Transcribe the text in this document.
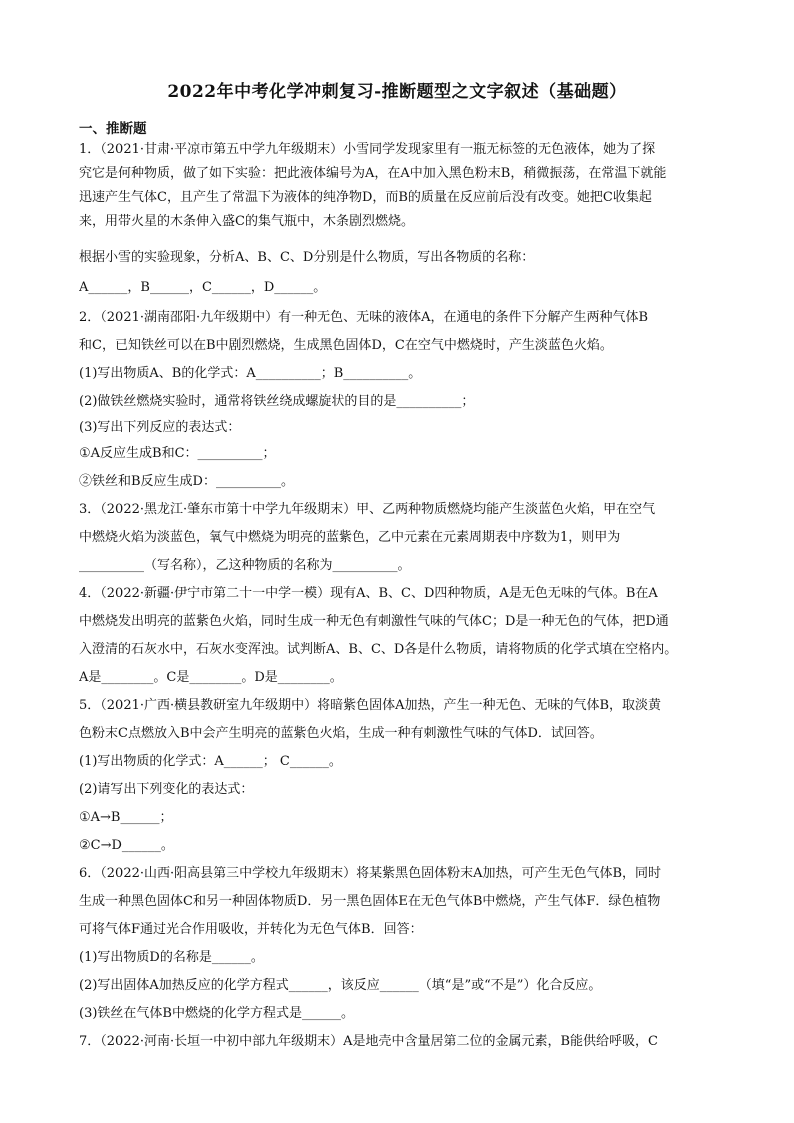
2022年中考化学冲刺复习-推断题型之文字叙述（基础题）
一、推断题
1．（2021·甘肃·平凉市第五中学九年级期末）小雪同学发现家里有一瓶无标签的无色液体，她为了探
究它是何种物质，做了如下实验：把此液体编号为A，在A中加入黑色粉末B，稍微振荡，在常温下就能
迅速产生气体C，且产生了常温下为液体的纯净物D，而B的质量在反应前后没有改变。她把C收集起
来，用带火星的木条伸入盛C的集气瓶中，木条剧烈燃烧。
根据小雪的实验现象，分析A、B、C、D分别是什么物质，写出各物质的名称：
A______，B______，C______，D______。
2．（2021·湖南邵阳·九年级期中）有一种无色、无味的液体A，在通电的条件下分解产生两种气体B
和C，已知铁丝可以在B中剧烈燃烧，生成黑色固体D，C在空气中燃烧时，产生淡蓝色火焰。
(1)写出物质A、B的化学式：A__________；B__________。
(2)做铁丝燃烧实验时，通常将铁丝绕成螺旋状的目的是__________；
(3)写出下列反应的表达式：
①A反应生成B和C：__________；
②铁丝和B反应生成D：__________。
3．（2022·黑龙江·肇东市第十中学九年级期末）甲、乙两种物质燃烧均能产生淡蓝色火焰，甲在空气
中燃烧火焰为淡蓝色，氧气中燃烧为明亮的蓝紫色，乙中元素在元素周期表中序数为1，则甲为
__________（写名称），乙这种物质的名称为__________。
4．（2022·新疆·伊宁市第二十一中学一模）现有A、B、C、D四种物质，A是无色无味的气体。B在A
中燃烧发出明亮的蓝紫色火焰，同时生成一种无色有刺激性气味的气体C；D是一种无色的气体，把D通
入澄清的石灰水中，石灰水变浑浊。试判断A、B、C、D各是什么物质，请将物质的化学式填在空格内。
A是________。C是________。D是________。
5．（2021·广西·横县教研室九年级期中）将暗紫色固体A加热，产生一种无色、无味的气体B，取淡黄
色粉末C点燃放入B中会产生明亮的蓝紫色火焰，生成一种有刺激性气味的气体D．试回答。
(1)写出物质的化学式：A______； C______。
(2)请写出下列变化的表达式：
①A→B______；
②C→D______。
6．（2022·山西·阳高县第三中学校九年级期末）将某紫黑色固体粉末A加热，可产生无色气体B，同时
生成一种黑色固体C和另一种固体物质D．另一黑色固体E在无色气体B中燃烧，产生气体F．绿色植物
可将气体F通过光合作用吸收，并转化为无色气体B．回答：
(1)写出物质D的名称是______。
(2)写出固体A加热反应的化学方程式______，该反应______（填“是”或“不是”）化合反应。
(3)铁丝在气体B中燃烧的化学方程式是______。
7．（2022·河南·长垣一中初中部九年级期末）A是地壳中含量居第二位的金属元素，B能供给呼吸，C
